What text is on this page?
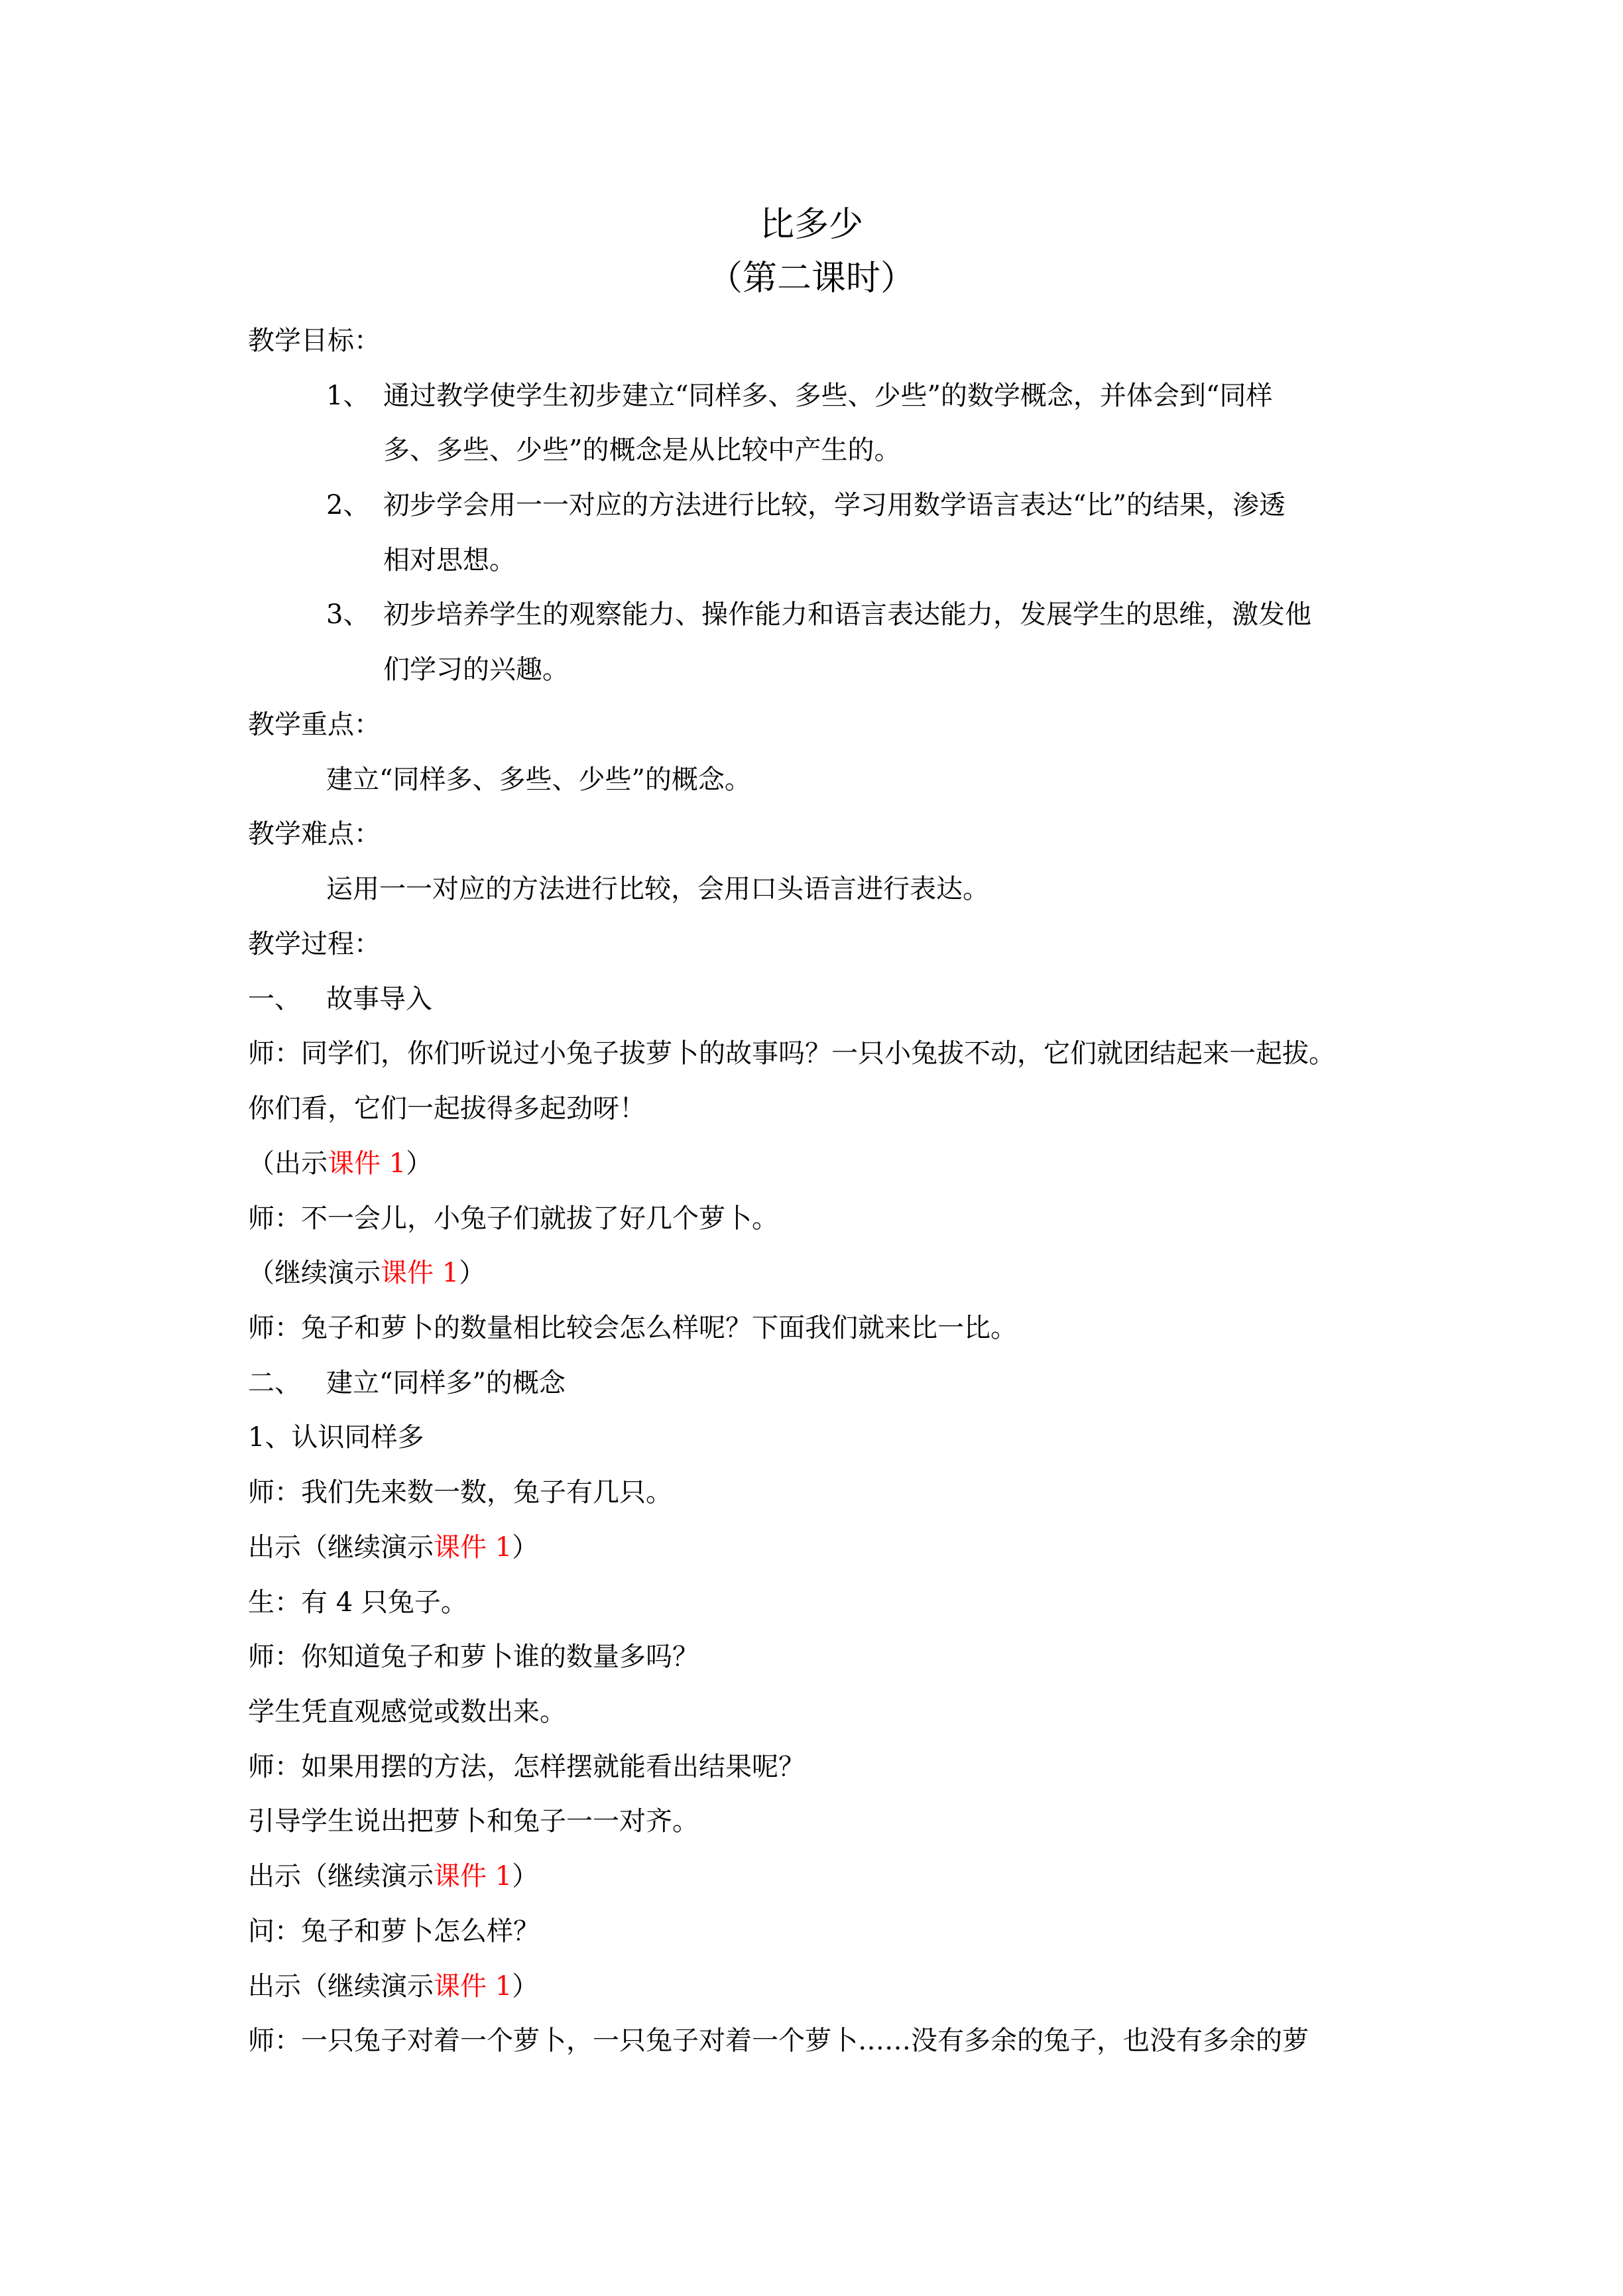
比多少
（第二课时）
教学目标：
1、 通过教学使学生初步建立“同样多、多些、少些”的数学概念，并体会到“同样
多、多些、少些”的概念是从比较中产生的。
2、 初步学会用一一对应的方法进行比较，学习用数学语言表达“比”的结果，渗透
相对思想。
3、 初步培养学生的观察能力、操作能力和语言表达能力，发展学生的思维，激发他
们学习的兴趣。
教学重点：
建立“同样多、多些、少些”的概念。
教学难点：
运用一一对应的方法进行比较，会用口头语言进行表达。
教学过程：
一、 故事导入
师：同学们，你们听说过小兔子拔萝卜的故事吗？一只小兔拔不动，它们就团结起来一起拔。
你们看，它们一起拔得多起劲呀！
（出示课件 1）
师：不一会儿，小兔子们就拔了好几个萝卜。
（继续演示课件 1）
师：兔子和萝卜的数量相比较会怎么样呢？下面我们就来比一比。
二、 建立“同样多”的概念
1、认识同样多
师：我们先来数一数，兔子有几只。
出示（继续演示课件 1）
生：有 4 只兔子。
师：你知道兔子和萝卜谁的数量多吗？
学生凭直观感觉或数出来。
师：如果用摆的方法，怎样摆就能看出结果呢？
引导学生说出把萝卜和兔子一一对齐。
出示（继续演示课件 1）
问：兔子和萝卜怎么样？
出示（继续演示课件 1）
师：一只兔子对着一个萝卜，一只兔子对着一个萝卜……没有多余的兔子，也没有多余的萝
